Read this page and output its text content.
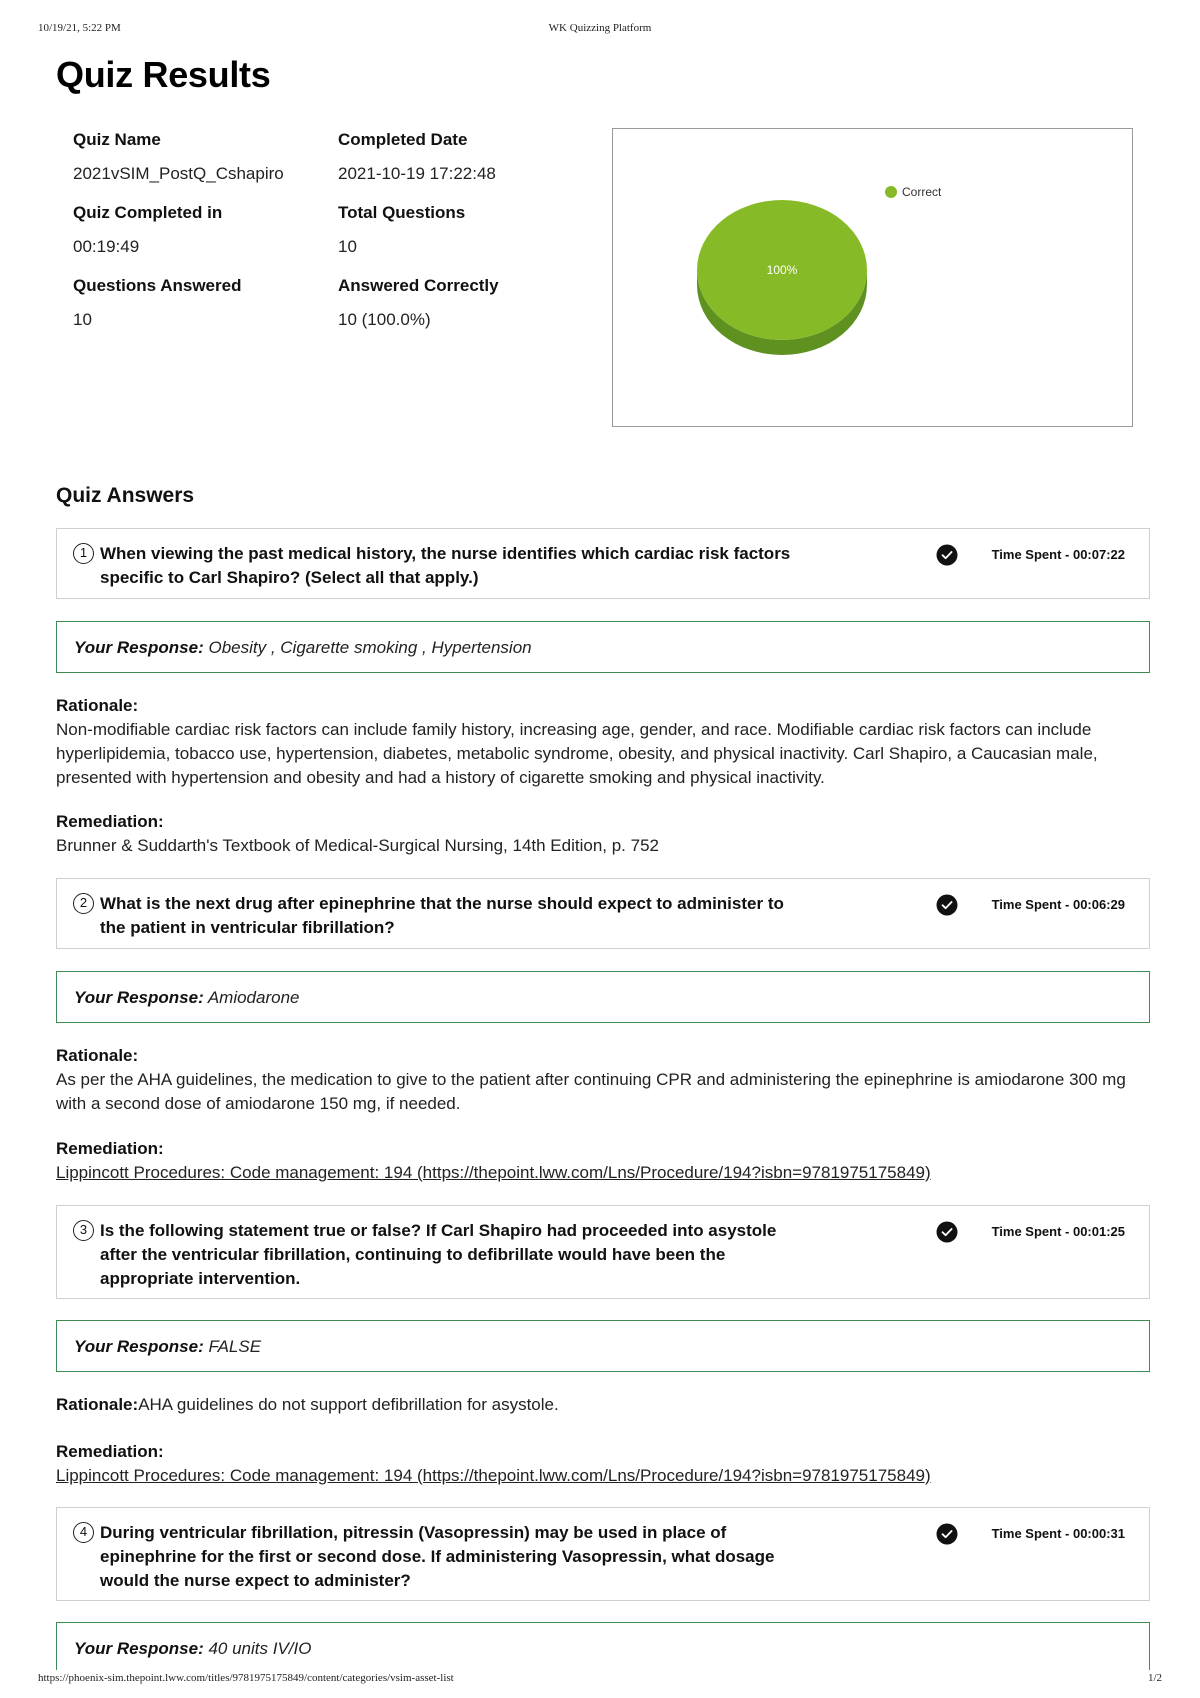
10/19/21, 5:22 PM	WK Quizzing Platform
Quiz Results
Quiz Name
2021vSIM_PostQ_Cshapiro
Completed Date
2021-10-19 17:22:48
Quiz Completed in
00:19:49
Total Questions
10
Questions Answered
10
Answered Correctly
10 (100.0%)
100%
Correct
Quiz Answers
1 When viewing the past medical history, the nurse identifies which cardiac risk factors specific to Carl Shapiro? (Select all that apply.)
Time Spent - 00:07:22
Your Response: Obesity , Cigarette smoking , Hypertension
Rationale:
Non-modifiable cardiac risk factors can include family history, increasing age, gender, and race. Modifiable cardiac risk factors can include hyperlipidemia, tobacco use, hypertension, diabetes, metabolic syndrome, obesity, and physical inactivity. Carl Shapiro, a Caucasian male, presented with hypertension and obesity and had a history of cigarette smoking and physical inactivity.
Remediation:
Brunner & Suddarth's Textbook of Medical-Surgical Nursing, 14th Edition, p. 752
2 What is the next drug after epinephrine that the nurse should expect to administer to the patient in ventricular fibrillation?
Time Spent - 00:06:29
Your Response: Amiodarone
Rationale:
As per the AHA guidelines, the medication to give to the patient after continuing CPR and administering the epinephrine is amiodarone 300 mg with a second dose of amiodarone 150 mg, if needed.
Remediation:
Lippincott Procedures: Code management: 194 (https://thepoint.lww.com/Lns/Procedure/194?isbn=9781975175849)
3 Is the following statement true or false? If Carl Shapiro had proceeded into asystole after the ventricular fibrillation, continuing to defibrillate would have been the appropriate intervention.
Time Spent - 00:01:25
Your Response: FALSE
Rationale:AHA guidelines do not support defibrillation for asystole.
Remediation:
Lippincott Procedures: Code management: 194 (https://thepoint.lww.com/Lns/Procedure/194?isbn=9781975175849)
4 During ventricular fibrillation, pitressin (Vasopressin) may be used in place of epinephrine for the first or second dose. If administering Vasopressin, what dosage would the nurse expect to administer?
Time Spent - 00:00:31
Your Response: 40 units IV/IO
https://phoenix-sim.thepoint.lww.com/titles/9781975175849/content/categories/vsim-asset-list	1/2
